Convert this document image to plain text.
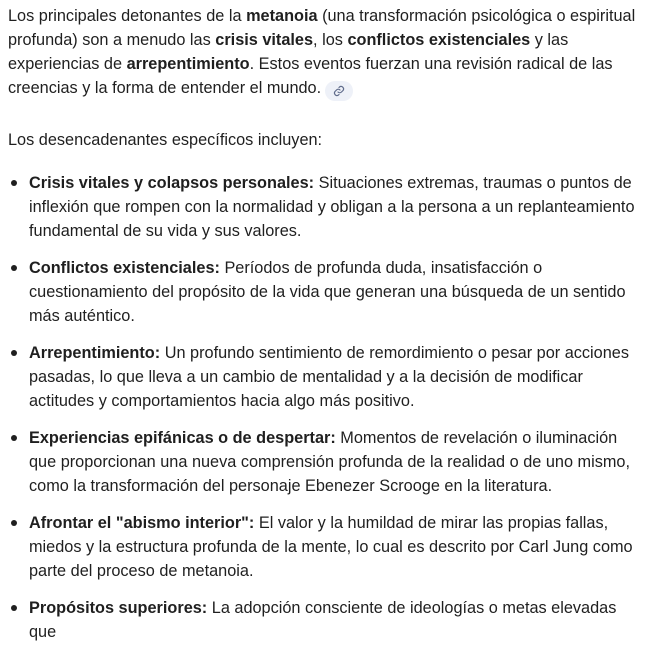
Los principales detonantes de la metanoia (una transformación psicológica o espiritual profunda) son a menudo las crisis vitales, los conflictos existenciales y las experiencias de arrepentimiento. Estos eventos fuerzan una revisión radical de las creencias y la forma de entender el mundo.

Los desencadenantes específicos incluyen:

Crisis vitales y colapsos personales: Situaciones extremas, traumas o puntos de inflexión que rompen con la normalidad y obligan a la persona a un replanteamiento fundamental de su vida y sus valores.
Conflictos existenciales: Períodos de profunda duda, insatisfacción o cuestionamiento del propósito de la vida que generan una búsqueda de un sentido más auténtico.
Arrepentimiento: Un profundo sentimiento de remordimiento o pesar por acciones pasadas, lo que lleva a un cambio de mentalidad y a la decisión de modificar actitudes y comportamientos hacia algo más positivo.
Experiencias epifánicas o de despertar: Momentos de revelación o iluminación que proporcionan una nueva comprensión profunda de la realidad o de uno mismo, como la transformación del personaje Ebenezer Scrooge en la literatura.
Afrontar el "abismo interior": El valor y la humildad de mirar las propias fallas, miedos y la estructura profunda de la mente, lo cual es descrito por Carl Jung como parte del proceso de metanoia.
Propósitos superiores: La adopción consciente de ideologías o metas elevadas que
